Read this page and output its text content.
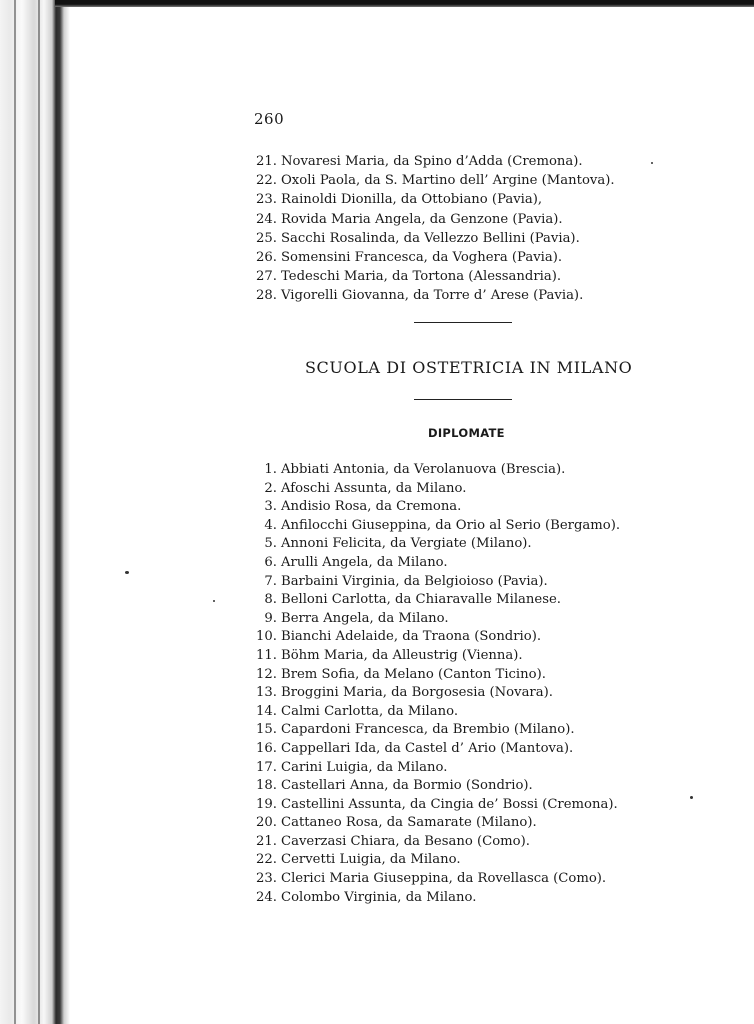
260
21. Novaresi Maria, da Spino d’Adda (Cremona).
22. Oxoli Paola, da S. Martino dell’ Argine (Mantova).
23. Rainoldi Dionilla, da Ottobiano (Pavia),
24. Rovida Maria Angela, da Genzone (Pavia).
25. Sacchi Rosalinda, da Vellezzo Bellini (Pavia).
26. Somensini Francesca, da Voghera (Pavia).
27. Tedeschi Maria, da Tortona (Alessandria).
28. Vigorelli Giovanna, da Torre d’ Arese (Pavia).
SCUOLA DI OSTETRICIA IN MILANO
DIPLOMATE
1. Abbiati Antonia, da Verolanuova (Brescia).
2. Afoschi Assunta, da Milano.
3. Andisio Rosa, da Cremona.
4. Anfilocchi Giuseppina, da Orio al Serio (Bergamo).
5. Annoni Felicita, da Vergiate (Milano).
6. Arulli Angela, da Milano.
7. Barbaini Virginia, da Belgioioso (Pavia).
8. Belloni Carlotta, da Chiaravalle Milanese.
9. Berra Angela, da Milano.
10. Bianchi Adelaide, da Traona (Sondrio).
11. Böhm Maria, da Alleustrig (Vienna).
12. Brem Sofia, da Melano (Canton Ticino).
13. Broggini Maria, da Borgosesia (Novara).
14. Calmi Carlotta, da Milano.
15. Capardoni Francesca, da Brembio (Milano).
16. Cappellari Ida, da Castel d’ Ario (Mantova).
17. Carini Luigia, da Milano.
18. Castellari Anna, da Bormio (Sondrio).
19. Castellini Assunta, da Cingia de’ Bossi (Cremona).
20. Cattaneo Rosa, da Samarate (Milano).
21. Caverzasi Chiara, da Besano (Como).
22. Cervetti Luigia, da Milano.
23. Clerici Maria Giuseppina, da Rovellasca (Como).
24. Colombo Virginia, da Milano.
